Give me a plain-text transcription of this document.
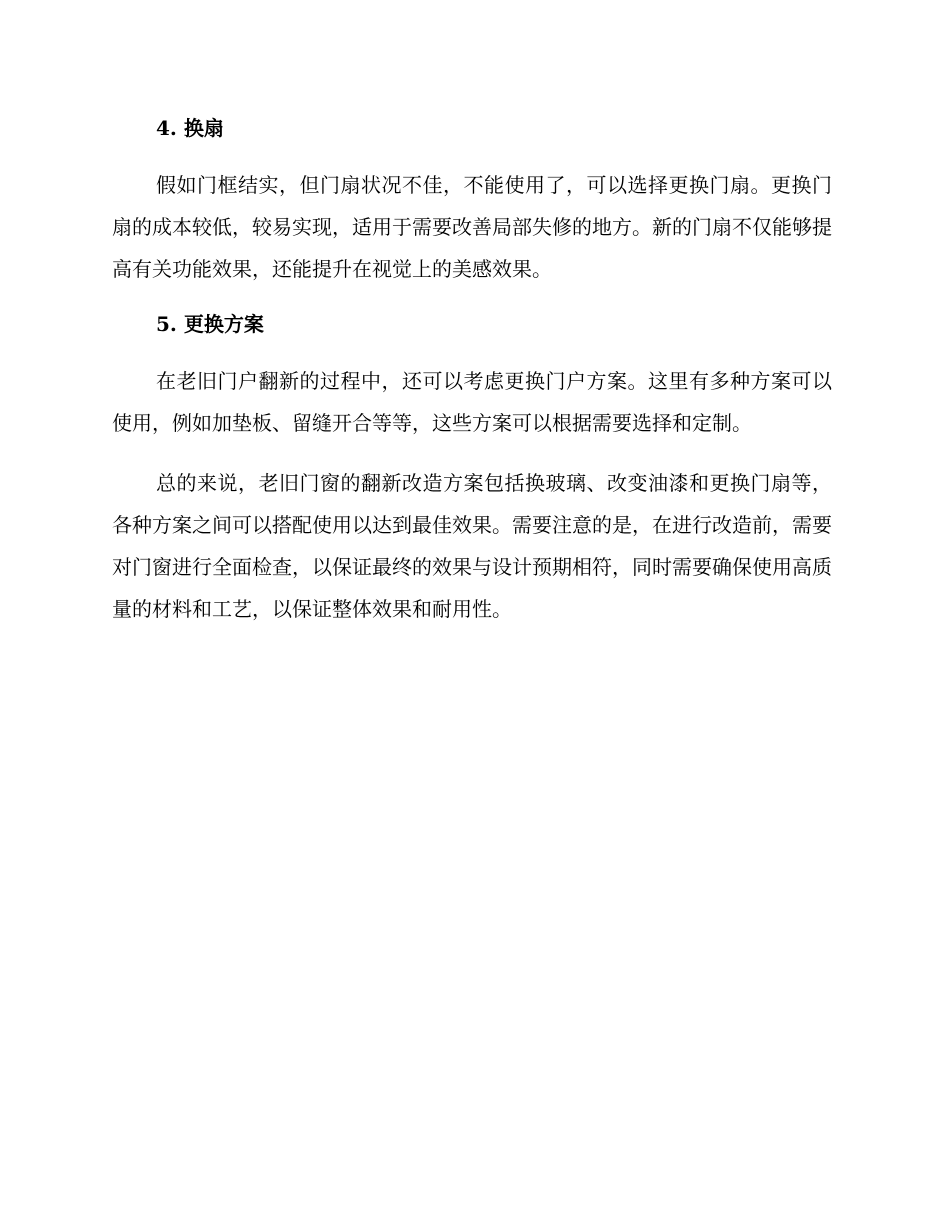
4. 换扇

假如门框结实，但门扇状况不佳，不能使用了，可以选择更换门扇。更换门扇的成本较低，较易实现，适用于需要改善局部失修的地方。新的门扇不仅能够提高有关功能效果，还能提升在视觉上的美感效果。

5. 更换方案

在老旧门户翻新的过程中，还可以考虑更换门户方案。这里有多种方案可以使用，例如加垫板、留缝开合等等，这些方案可以根据需要选择和定制。

总的来说，老旧门窗的翻新改造方案包括换玻璃、改变油漆和更换门扇等，各种方案之间可以搭配使用以达到最佳效果。需要注意的是，在进行改造前，需要对门窗进行全面检查，以保证最终的效果与设计预期相符，同时需要确保使用高质量的材料和工艺，以保证整体效果和耐用性。
